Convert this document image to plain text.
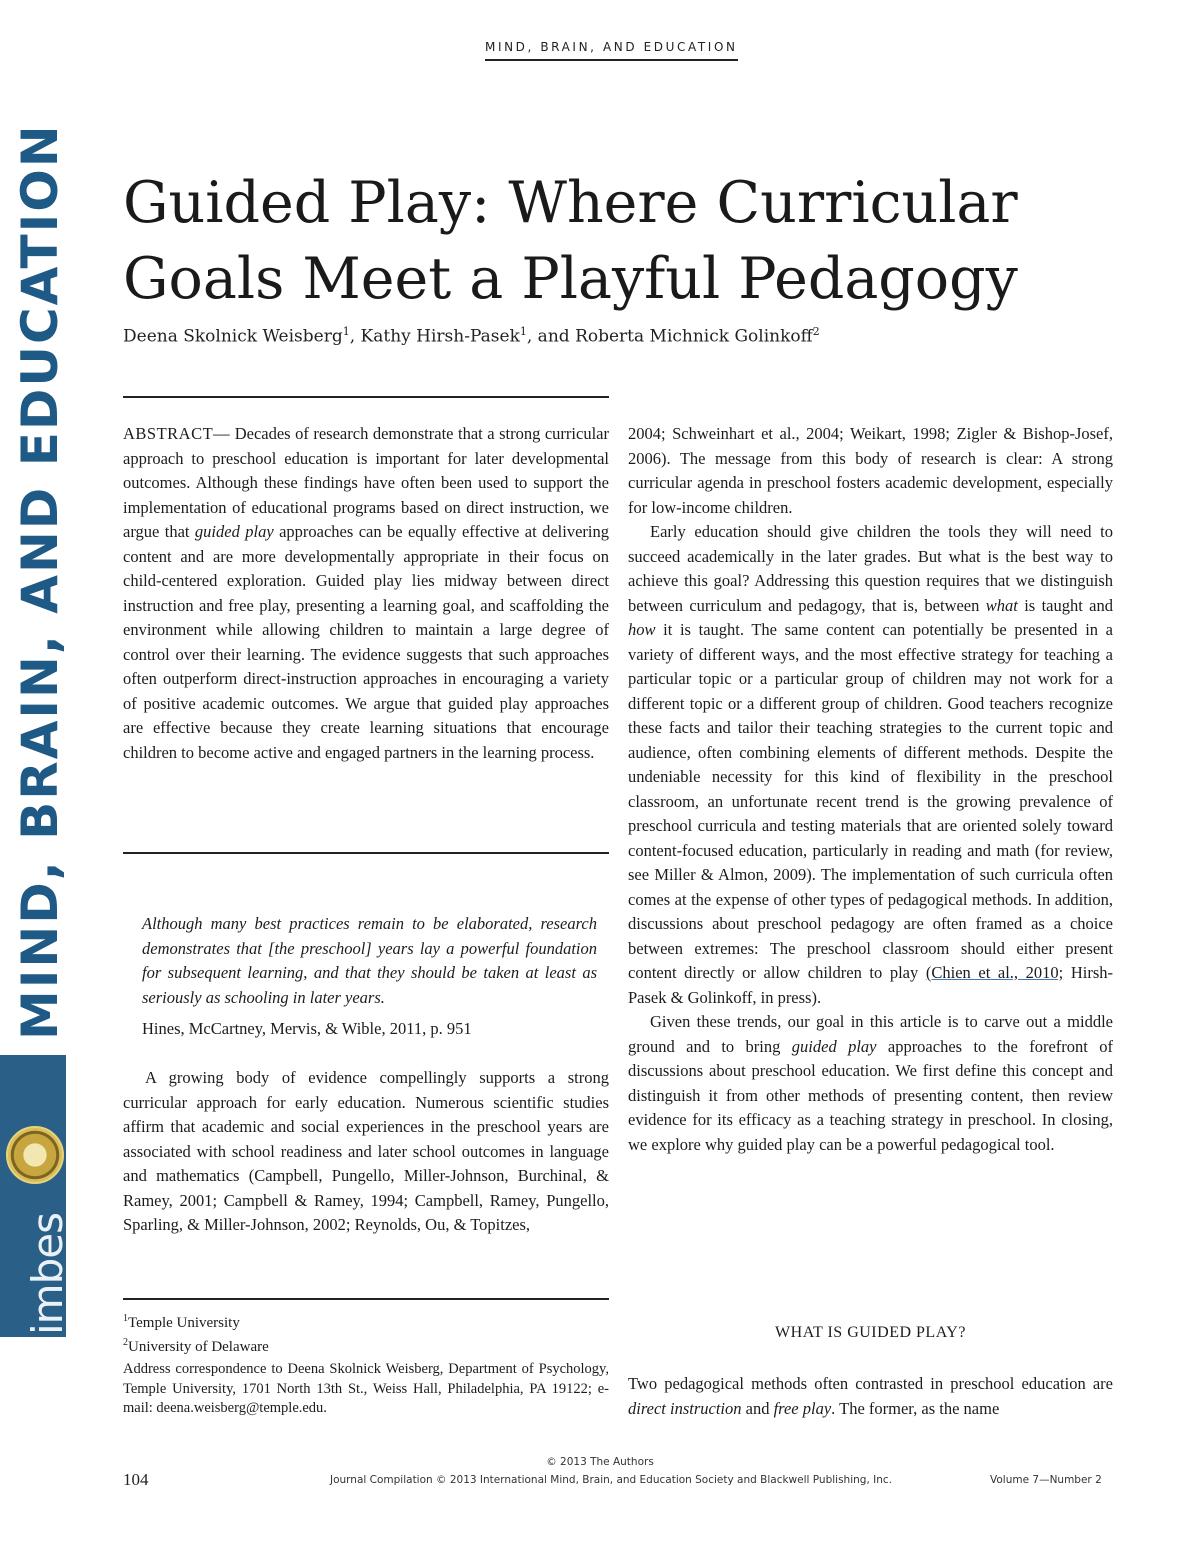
MIND, BRAIN, AND EDUCATION
MIND, BRAIN, AND EDUCATION
imbes
Guided Play: Where Curricular
Goals Meet a Playful Pedagogy
Deena Skolnick Weisberg$^1$, Kathy Hirsh-Pasek$^1$, and Roberta Michnick Golinkoff$^2$

ABSTRACT— Decades of research demonstrate that a strong curricular approach to preschool education is important for later developmental outcomes. Although these findings have often been used to support the implementation of educational programs based on direct instruction, we argue that guided play approaches can be equally effective at delivering content and are more developmentally appropriate in their focus on child-centered exploration. Guided play lies midway between direct instruction and free play, presenting a learning goal, and scaffolding the environment while allowing children to maintain a large degree of control over their learning. The evidence suggests that such approaches often outperform direct-instruction approaches in encouraging a variety of positive academic outcomes. We argue that guided play approaches are effective because they create learning situations that encourage children to become active and engaged partners in the learning process.

Although many best practices remain to be elaborated, research demonstrates that [the preschool] years lay a powerful foundation for subsequent learning, and that they should be taken at least as seriously as schooling in later years.
Hines, McCartney, Mervis, & Wible, 2011, p. 951

A growing body of evidence compellingly supports a strong curricular approach for early education. Numerous scientific studies affirm that academic and social experiences in the preschool years are associated with school readiness and later school outcomes in language and mathematics (Campbell, Pungello, Miller-Johnson, Burchinal, & Ramey, 2001; Campbell & Ramey, 1994; Campbell, Ramey, Pungello, Sparling, & Miller-Johnson, 2002; Reynolds, Ou, & Topitzes,

$^1$Temple University
$^2$University of Delaware
Address correspondence to Deena Skolnick Weisberg, Department of Psychology, Temple University, 1701 North 13th St., Weiss Hall, Philadelphia, PA 19122; e-mail: deena.weisberg@temple.edu.

2004; Schweinhart et al., 2004; Weikart, 1998; Zigler & Bishop-Josef, 2006). The message from this body of research is clear: A strong curricular agenda in preschool fosters academic development, especially for low-income children.

Early education should give children the tools they will need to succeed academically in the later grades. But what is the best way to achieve this goal? Addressing this question requires that we distinguish between curriculum and pedagogy, that is, between what is taught and how it is taught. The same content can potentially be presented in a variety of different ways, and the most effective strategy for teaching a particular topic or a particular group of children may not work for a different topic or a different group of children. Good teachers recognize these facts and tailor their teaching strategies to the current topic and audience, often combining elements of different methods. Despite the undeniable necessity for this kind of flexibility in the preschool classroom, an unfortunate recent trend is the growing prevalence of preschool curricula and testing materials that are oriented solely toward content-focused education, particularly in reading and math (for review, see Miller & Almon, 2009). The implementation of such curricula often comes at the expense of other types of pedagogical methods. In addition, discussions about preschool pedagogy are often framed as a choice between extremes: The preschool classroom should either present content directly or allow children to play (Chien et al., 2010; Hirsh-Pasek & Golinkoff, in press).

Given these trends, our goal in this article is to carve out a middle ground and to bring guided play approaches to the forefront of discussions about preschool education. We first define this concept and distinguish it from other methods of presenting content, then review evidence for its efficacy as a teaching strategy in preschool. In closing, we explore why guided play can be a powerful pedagogical tool.

WHAT IS GUIDED PLAY?

Two pedagogical methods often contrasted in preschool education are direct instruction and free play. The former, as the name

© 2013 The Authors
104	Journal Compilation © 2013 International Mind, Brain, and Education Society and Blackwell Publishing, Inc.	Volume 7—Number 2
